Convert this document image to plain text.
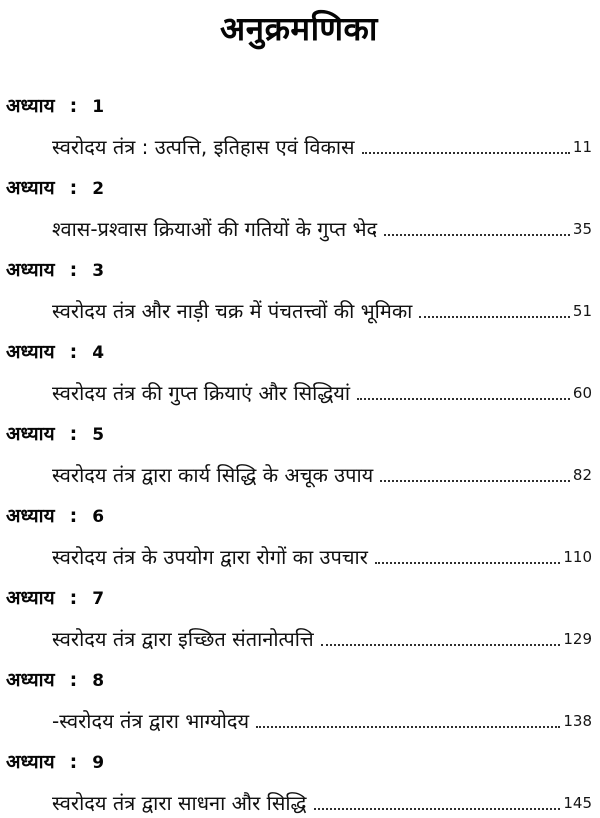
अनुक्रमणिका
अध्याय : 1
स्वरोदय तंत्र : उत्पत्ति, इतिहास एवं विकास	11
अध्याय : 2
श्वास-प्रश्वास क्रियाओं की गतियों के गुप्त भेद	35
अध्याय : 3
स्वरोदय तंत्र और नाड़ी चक्र में पंचतत्त्वों की भूमिका	51
अध्याय : 4
स्वरोदय तंत्र की गुप्त क्रियाएं और सिद्धियां	60
अध्याय : 5
स्वरोदय तंत्र द्वारा कार्य सिद्धि के अचूक उपाय	82
अध्याय : 6
स्वरोदय तंत्र के उपयोग द्वारा रोगों का उपचार	110
अध्याय : 7
स्वरोदय तंत्र द्वारा इच्छित संतानोत्पत्ति	129
अध्याय : 8
-स्वरोदय तंत्र द्वारा भाग्योदय	138
अध्याय : 9
स्वरोदय तंत्र द्वारा साधना और सिद्धि	145
